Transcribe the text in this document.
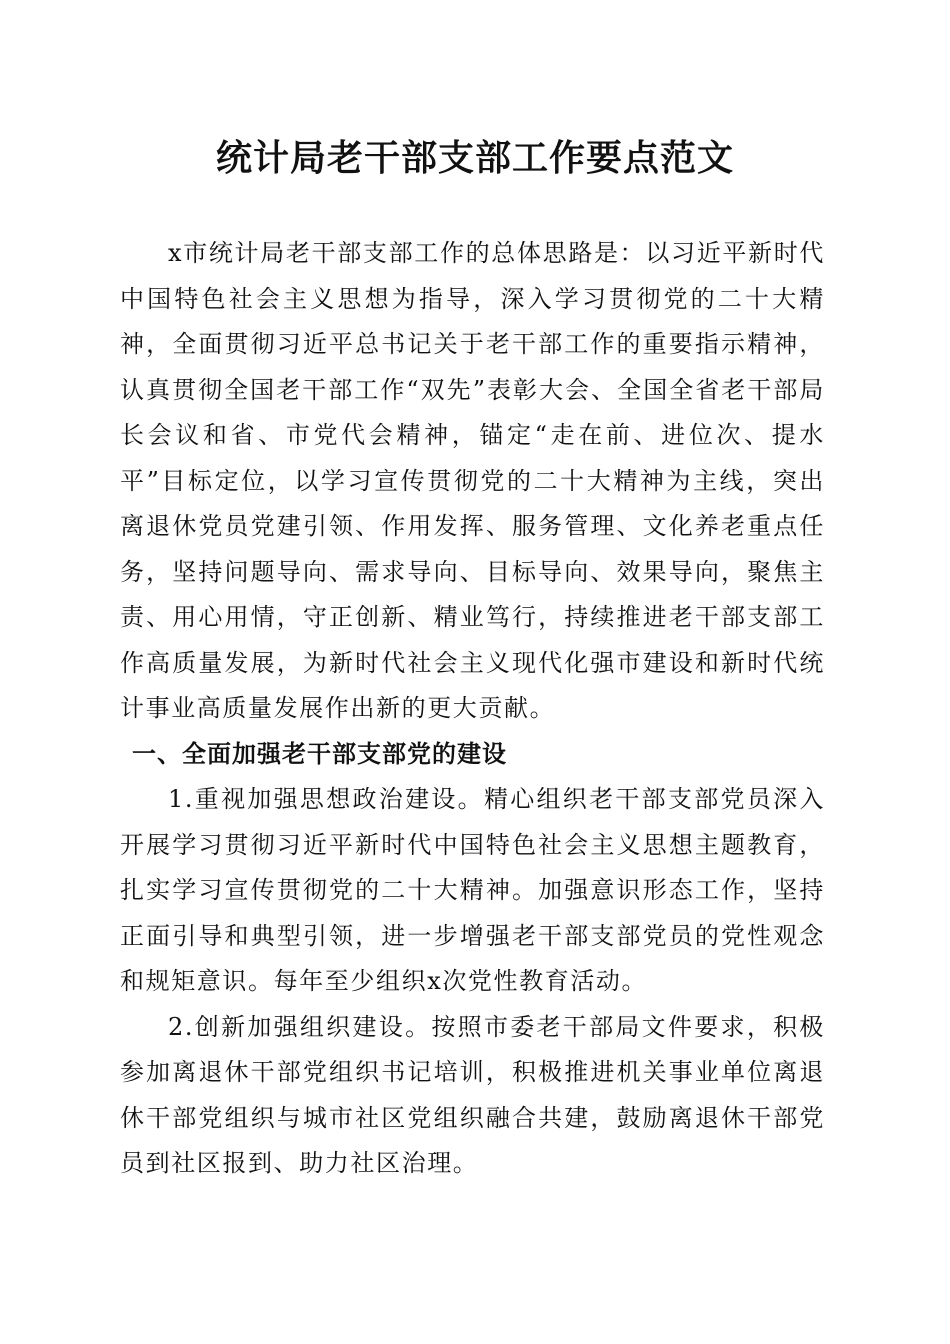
统计局老干部支部工作要点范文

x市统计局老干部支部工作的总体思路是：以习近平新时代中国特色社会主义思想为指导，深入学习贯彻党的二十大精神，全面贯彻习近平总书记关于老干部工作的重要指示精神，认真贯彻全国老干部工作“双先”表彰大会、全国全省老干部局长会议和省、市党代会精神，锚定“走在前、进位次、提水平”目标定位，以学习宣传贯彻党的二十大精神为主线，突出离退休党员党建引领、作用发挥、服务管理、文化养老重点任务，坚持问题导向、需求导向、目标导向、效果导向，聚焦主责、用心用情，守正创新、精业笃行，持续推进老干部支部工作高质量发展，为新时代社会主义现代化强市建设和新时代统计事业高质量发展作出新的更大贡献。

一、全面加强老干部支部党的建设

1.重视加强思想政治建设。精心组织老干部支部党员深入开展学习贯彻习近平新时代中国特色社会主义思想主题教育，扎实学习宣传贯彻党的二十大精神。加强意识形态工作，坚持正面引导和典型引领，进一步增强老干部支部党员的党性观念和规矩意识。每年至少组织x次党性教育活动。

2.创新加强组织建设。按照市委老干部局文件要求，积极参加离退休干部党组织书记培训，积极推进机关事业单位离退休干部党组织与城市社区党组织融合共建，鼓励离退休干部党员到社区报到、助力社区治理。
